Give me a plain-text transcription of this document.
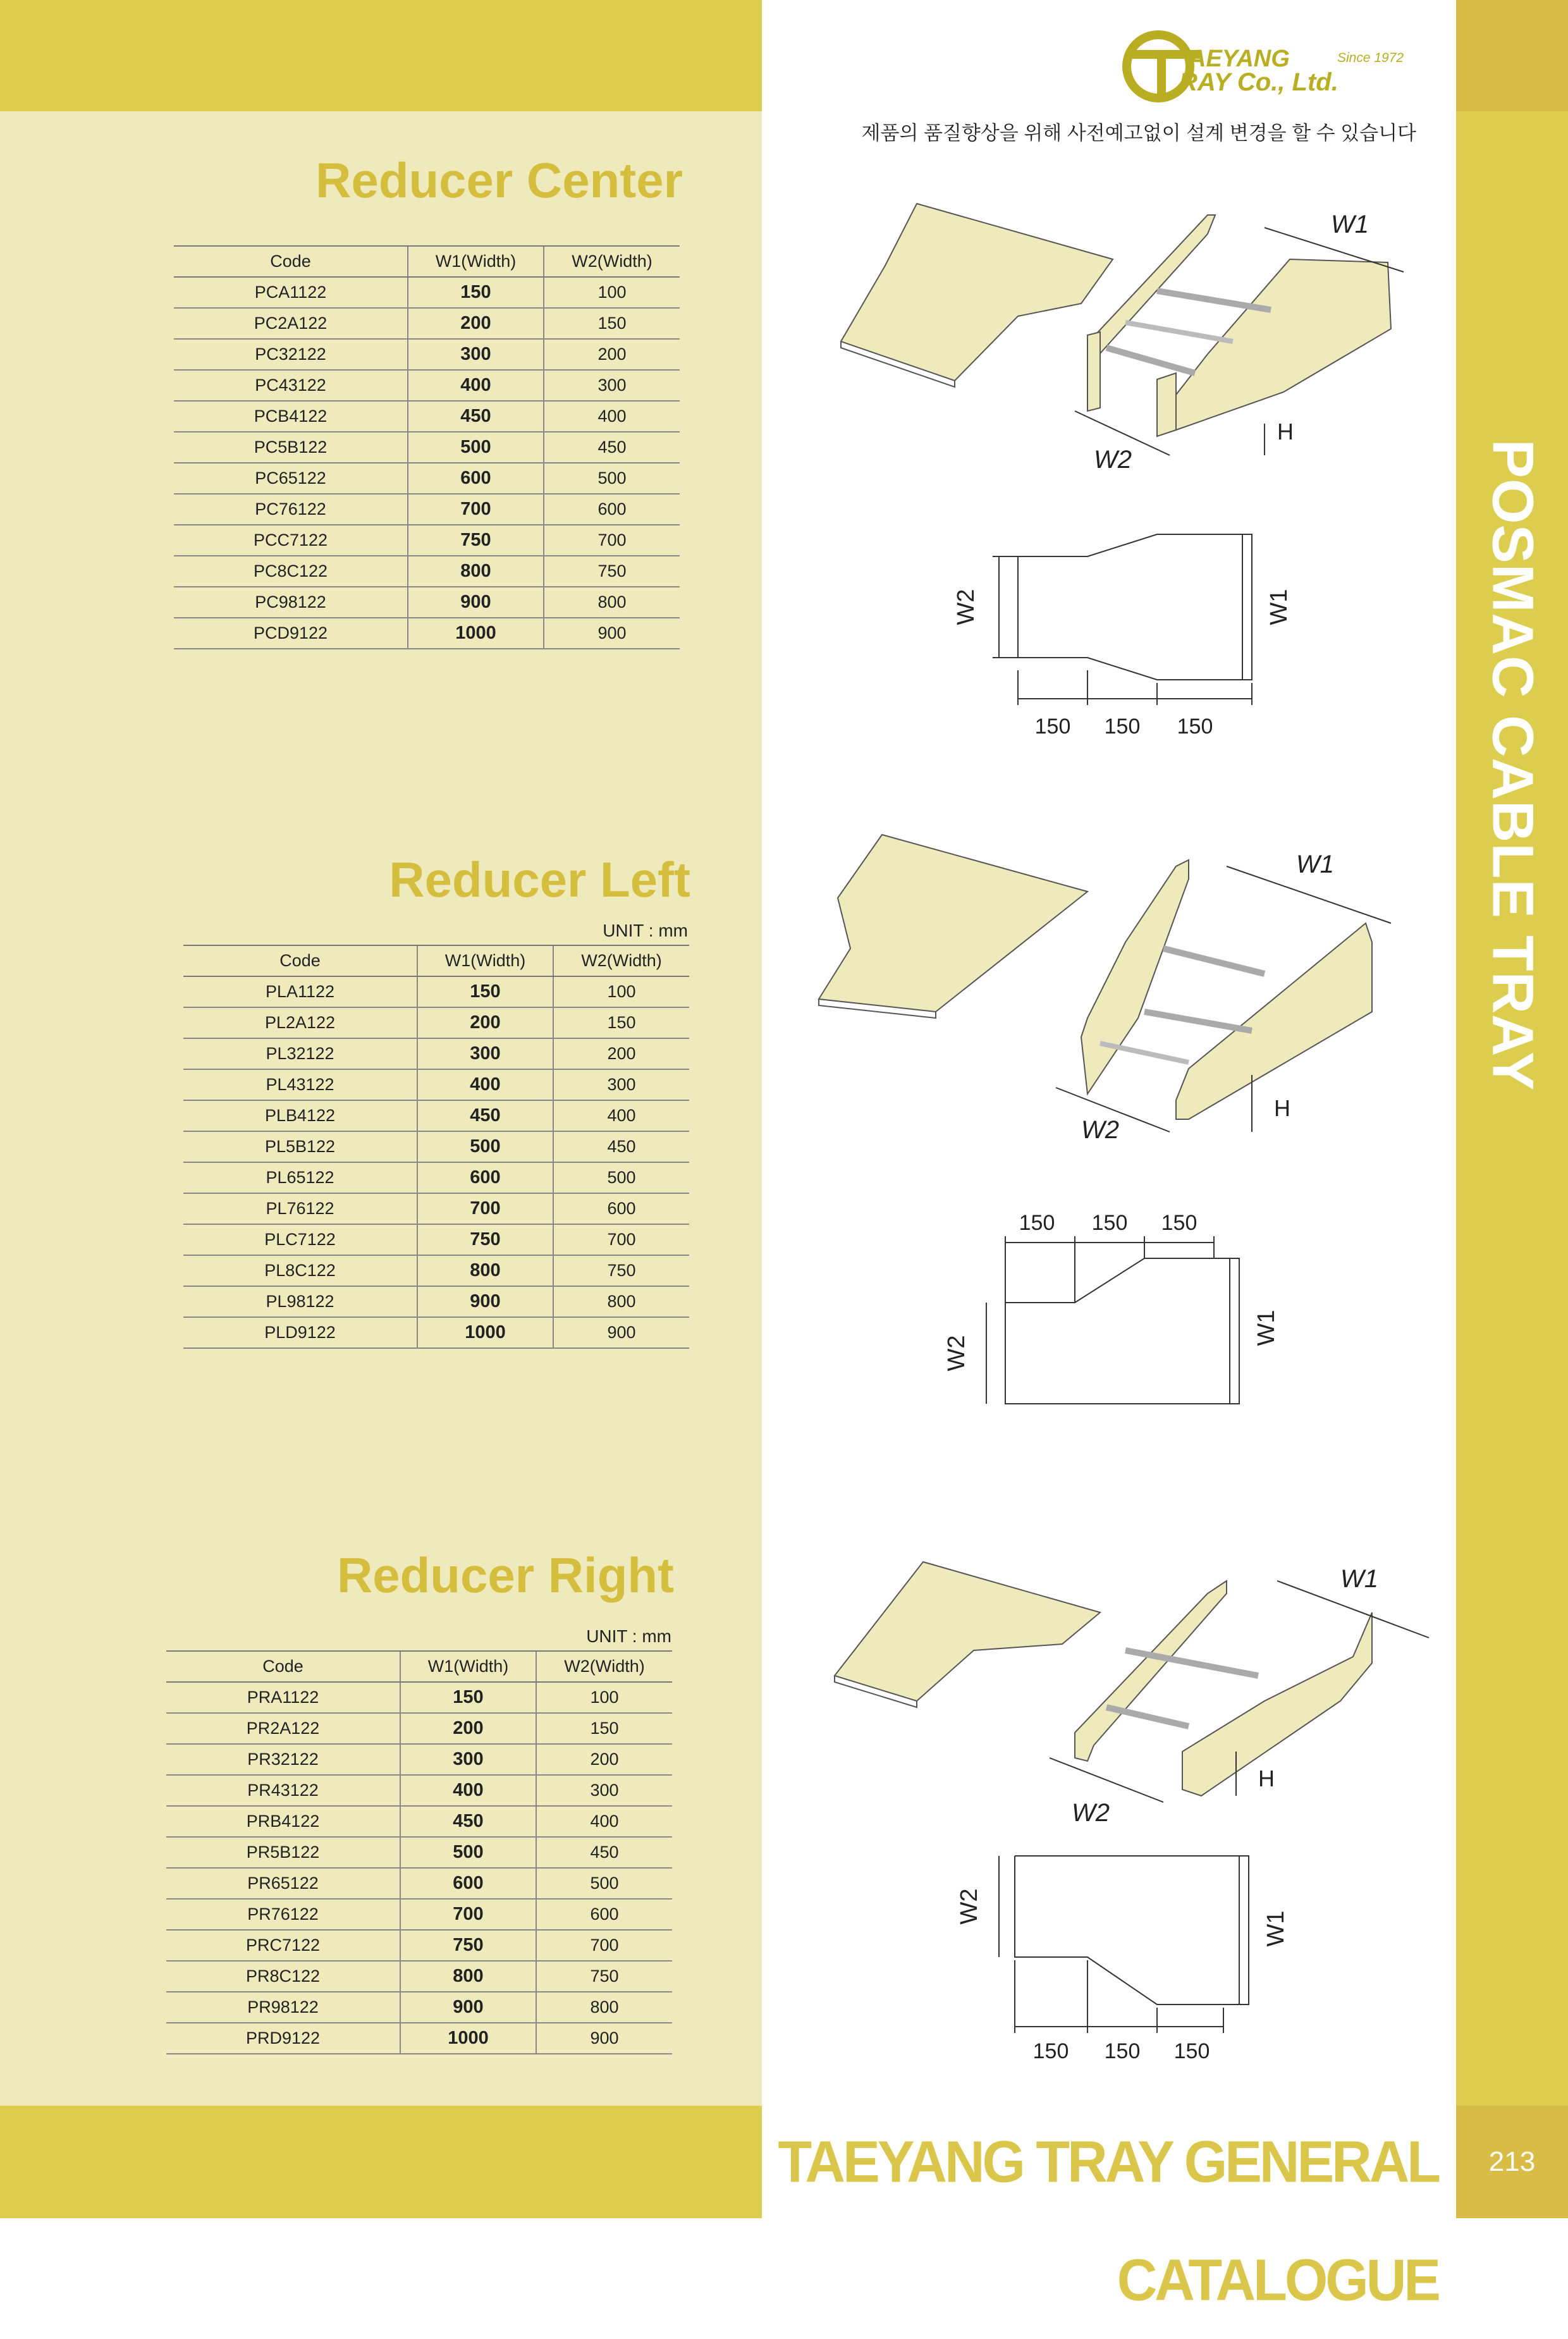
POSMAC CABLE TRAY
213
TAEYANG TRAY GENERAL CATALOGUE
AEYANG
RAY Co., Ltd.
Since 1972
제품의 품질향상을 위해 사전예고없이 설계 변경을 할 수 있습니다
Reducer Center
Code	W1(Width)	W2(Width)
PCA1122	150	100
PC2A122	200	150
PC32122	300	200
PC43122	400	300
PCB4122	450	400
PC5B122	500	450
PC65122	600	500
PC76122	700	600
PCC7122	750	700
PC8C122	800	750
PC98122	900	800
PCD9122	1000	900
Reducer Left
UNIT : mm
Code	W1(Width)	W2(Width)
PLA1122	150	100
PL2A122	200	150
PL32122	300	200
PL43122	400	300
PLB4122	450	400
PL5B122	500	450
PL65122	600	500
PL76122	700	600
PLC7122	750	700
PL8C122	800	750
PL98122	900	800
PLD9122	1000	900
Reducer Right
UNIT : mm
Code	W1(Width)	W2(Width)
PRA1122	150	100
PR2A122	200	150
PR32122	300	200
PR43122	400	300
PRB4122	450	400
PR5B122	500	450
PR65122	600	500
PR76122	700	600
PRC7122	750	700
PR8C122	800	750
PR98122	900	800
PRD9122	1000	900
W1
W2
H
W2	W1
150 150 150
W1
W2
H
150 150 150
W2
W1
W1
W2
H
W2
W1
150 150 150
